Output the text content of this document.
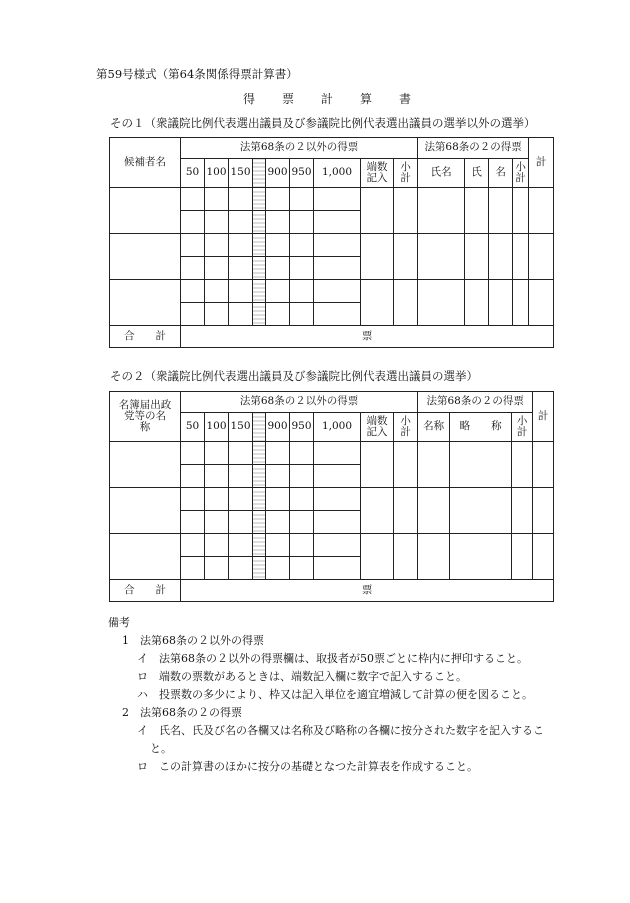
第59号様式（第64条関係得票計算書）
得　　票　　計　　算　　書
その１（衆議院比例代表選出議員及び参議院比例代表選出議員の選挙以外の選挙）
候補者名	法第68条の２以外の得票									法第68条の２の得票				計
	50	100	150		900	950	1,000	端数記入	小計	氏名	氏	名	小計	

合　　計	票													
その２（衆議院比例代表選出議員及び参議院比例代表選出議員の選挙）
名簿届出政党等の名　　称	法第68条の２以外の得票									法第68条の２の得票			計
	50	100	150		900	950	1,000	端数記入	小計	名称	略　　称	小計	

合　　計	票												
備考
1　法第68条の２以外の得票
イ　法第68条の２以外の得票欄は、取扱者が50票ごとに枠内に押印すること。
ロ　端数の票数があるときは、端数記入欄に数字で記入すること。
ハ　投票数の多少により、枠又は記入単位を適宜増減して計算の便を図ること。
2　法第68条の２の得票
イ　氏名、氏及び名の各欄又は名称及び略称の各欄に按分された数字を記入するこ
と。
ロ　この計算書のほかに按分の基礎となつた計算表を作成すること。
